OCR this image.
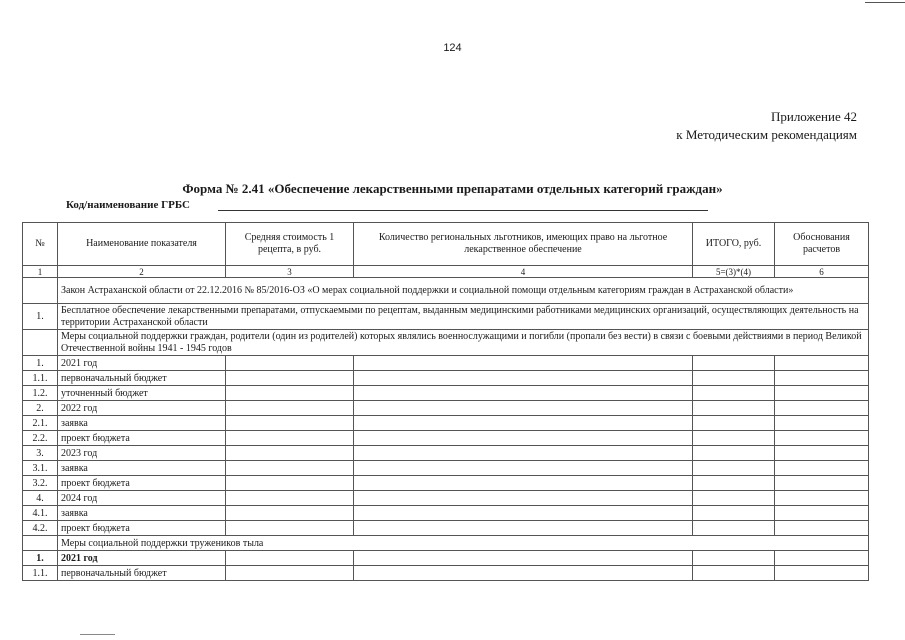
124
Приложение 42
к Методическим рекомендациям
Форма № 2.41 «Обеспечение лекарственными препаратами отдельных категорий граждан»
Код/наименование ГРБС
№	Наименование показателя	Средняя стоимость 1 рецепта, в руб.	Количество региональных льготников, имеющих право на льготное лекарственное обеспечение	ИТОГО, руб.	Обоснования расчетов
1	2	3	4	5=(3)*(4)	6
	Закон Астраханской области от 22.12.2016 № 85/2016-ОЗ «О мерах социальной поддержки и социальной помощи отдельным категориям граждан в Астраханской области»				
1.	Бесплатное обеспечение лекарственными препаратами, отпускаемыми по рецептам, выданным медицинскими работниками медицинских организаций, осуществляющих деятельность на территории Астраханской области				
	Меры социальной поддержки граждан, родители (один из родителей) которых являлись военнослужащими и погибли (пропали без вести) в связи с боевыми действиями в период Великой Отечественной войны 1941 - 1945 годов				
1.	2021 год				
1.1.	первоначальный бюджет				
1.2.	уточненный бюджет				
2.	2022 год				
2.1.	заявка				
2.2.	проект бюджета				
3.	2023 год				
3.1.	заявка				
3.2.	проект бюджета				
4.	2024 год				
4.1.	заявка				
4.2.	проект бюджета				
	Меры социальной поддержки тружеников тыла				
1.	2021 год				
1.1.	первоначальный бюджет				
